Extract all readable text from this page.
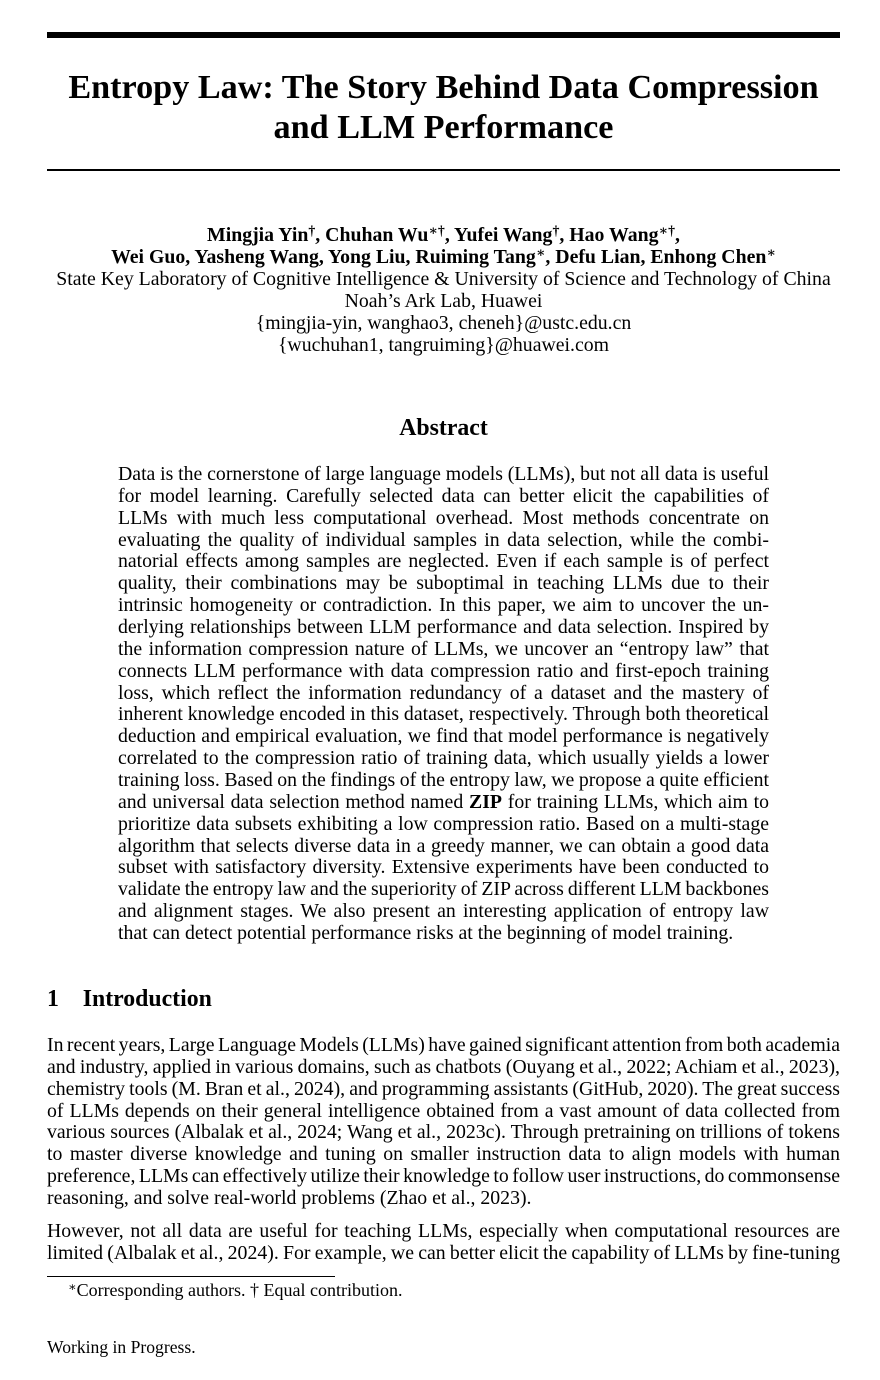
Entropy Law: The Story Behind Data Compression
and LLM Performance
Mingjia Yin†, Chuhan Wu∗†, Yufei Wang†, Hao Wang∗†,
Wei Guo, Yasheng Wang, Yong Liu, Ruiming Tang∗, Defu Lian, Enhong Chen∗
State Key Laboratory of Cognitive Intelligence & University of Science and Technology of China
Noah’s Ark Lab, Huawei
{mingjia-yin, wanghao3, cheneh}@ustc.edu.cn
{wuchuhan1, tangruiming}@huawei.com
Abstract
Data is the cornerstone of large language models (LLMs), but not all data is useful
for model learning. Carefully selected data can better elicit the capabilities of
LLMs with much less computational overhead. Most methods concentrate on
evaluating the quality of individual samples in data selection, while the combi-
natorial effects among samples are neglected. Even if each sample is of perfect
quality, their combinations may be suboptimal in teaching LLMs due to their
intrinsic homogeneity or contradiction. In this paper, we aim to uncover the un-
derlying relationships between LLM performance and data selection. Inspired by
the information compression nature of LLMs, we uncover an “entropy law” that
connects LLM performance with data compression ratio and first-epoch training
loss, which reflect the information redundancy of a dataset and the mastery of
inherent knowledge encoded in this dataset, respectively. Through both theoretical
deduction and empirical evaluation, we find that model performance is negatively
correlated to the compression ratio of training data, which usually yields a lower
training loss. Based on the findings of the entropy law, we propose a quite efficient
and universal data selection method named ZIP for training LLMs, which aim to
prioritize data subsets exhibiting a low compression ratio. Based on a multi-stage
algorithm that selects diverse data in a greedy manner, we can obtain a good data
subset with satisfactory diversity. Extensive experiments have been conducted to
validate the entropy law and the superiority of ZIP across different LLM backbones
and alignment stages. We also present an interesting application of entropy law
that can detect potential performance risks at the beginning of model training.
1 Introduction
In recent years, Large Language Models (LLMs) have gained significant attention from both academia
and industry, applied in various domains, such as chatbots (Ouyang et al., 2022; Achiam et al., 2023),
chemistry tools (M. Bran et al., 2024), and programming assistants (GitHub, 2020). The great success
of LLMs depends on their general intelligence obtained from a vast amount of data collected from
various sources (Albalak et al., 2024; Wang et al., 2023c). Through pretraining on trillions of tokens
to master diverse knowledge and tuning on smaller instruction data to align models with human
preference, LLMs can effectively utilize their knowledge to follow user instructions, do commonsense
reasoning, and solve real-world problems (Zhao et al., 2023).
However, not all data are useful for teaching LLMs, especially when computational resources are
limited (Albalak et al., 2024). For example, we can better elicit the capability of LLMs by fine-tuning
∗Corresponding authors. † Equal contribution.
Working in Progress.
